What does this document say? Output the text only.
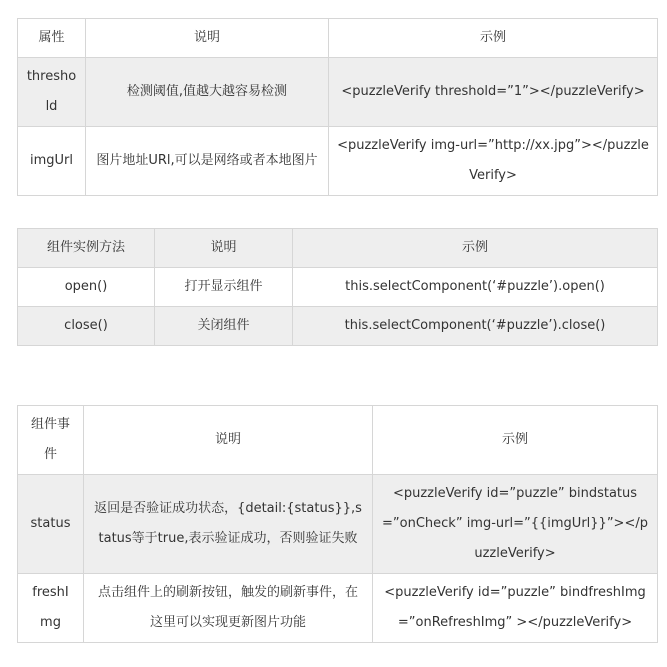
属性	说明	示例
threshold	检测阈值,值越大越容易检测	<puzzleVerify threshold=”1”></puzzleVerify>
imgUrl	图片地址URl,可以是网络或者本地图片	<puzzleVerify img-url=”http://xx.jpg”></puzzleVerify>
组件实例方法	说明	示例
open()	打开显示组件	this.selectComponent(‘#puzzle’).open()
close()	关闭组件	this.selectComponent(‘#puzzle’).close()
组件事件	说明	示例
status	返回是否验证成功状态，{detail:{status}},status等于true,表示验证成功，否则验证失败	<puzzleVerify id=”puzzle” bindstatus=”onCheck” img-url=”{{imgUrl}}”></puzzleVerify>
freshImg	点击组件上的刷新按钮，触发的刷新事件，在这里可以实现更新图片功能	<puzzleVerify id=”puzzle” bindfreshImg=”onRefreshImg” ></puzzleVerify>
